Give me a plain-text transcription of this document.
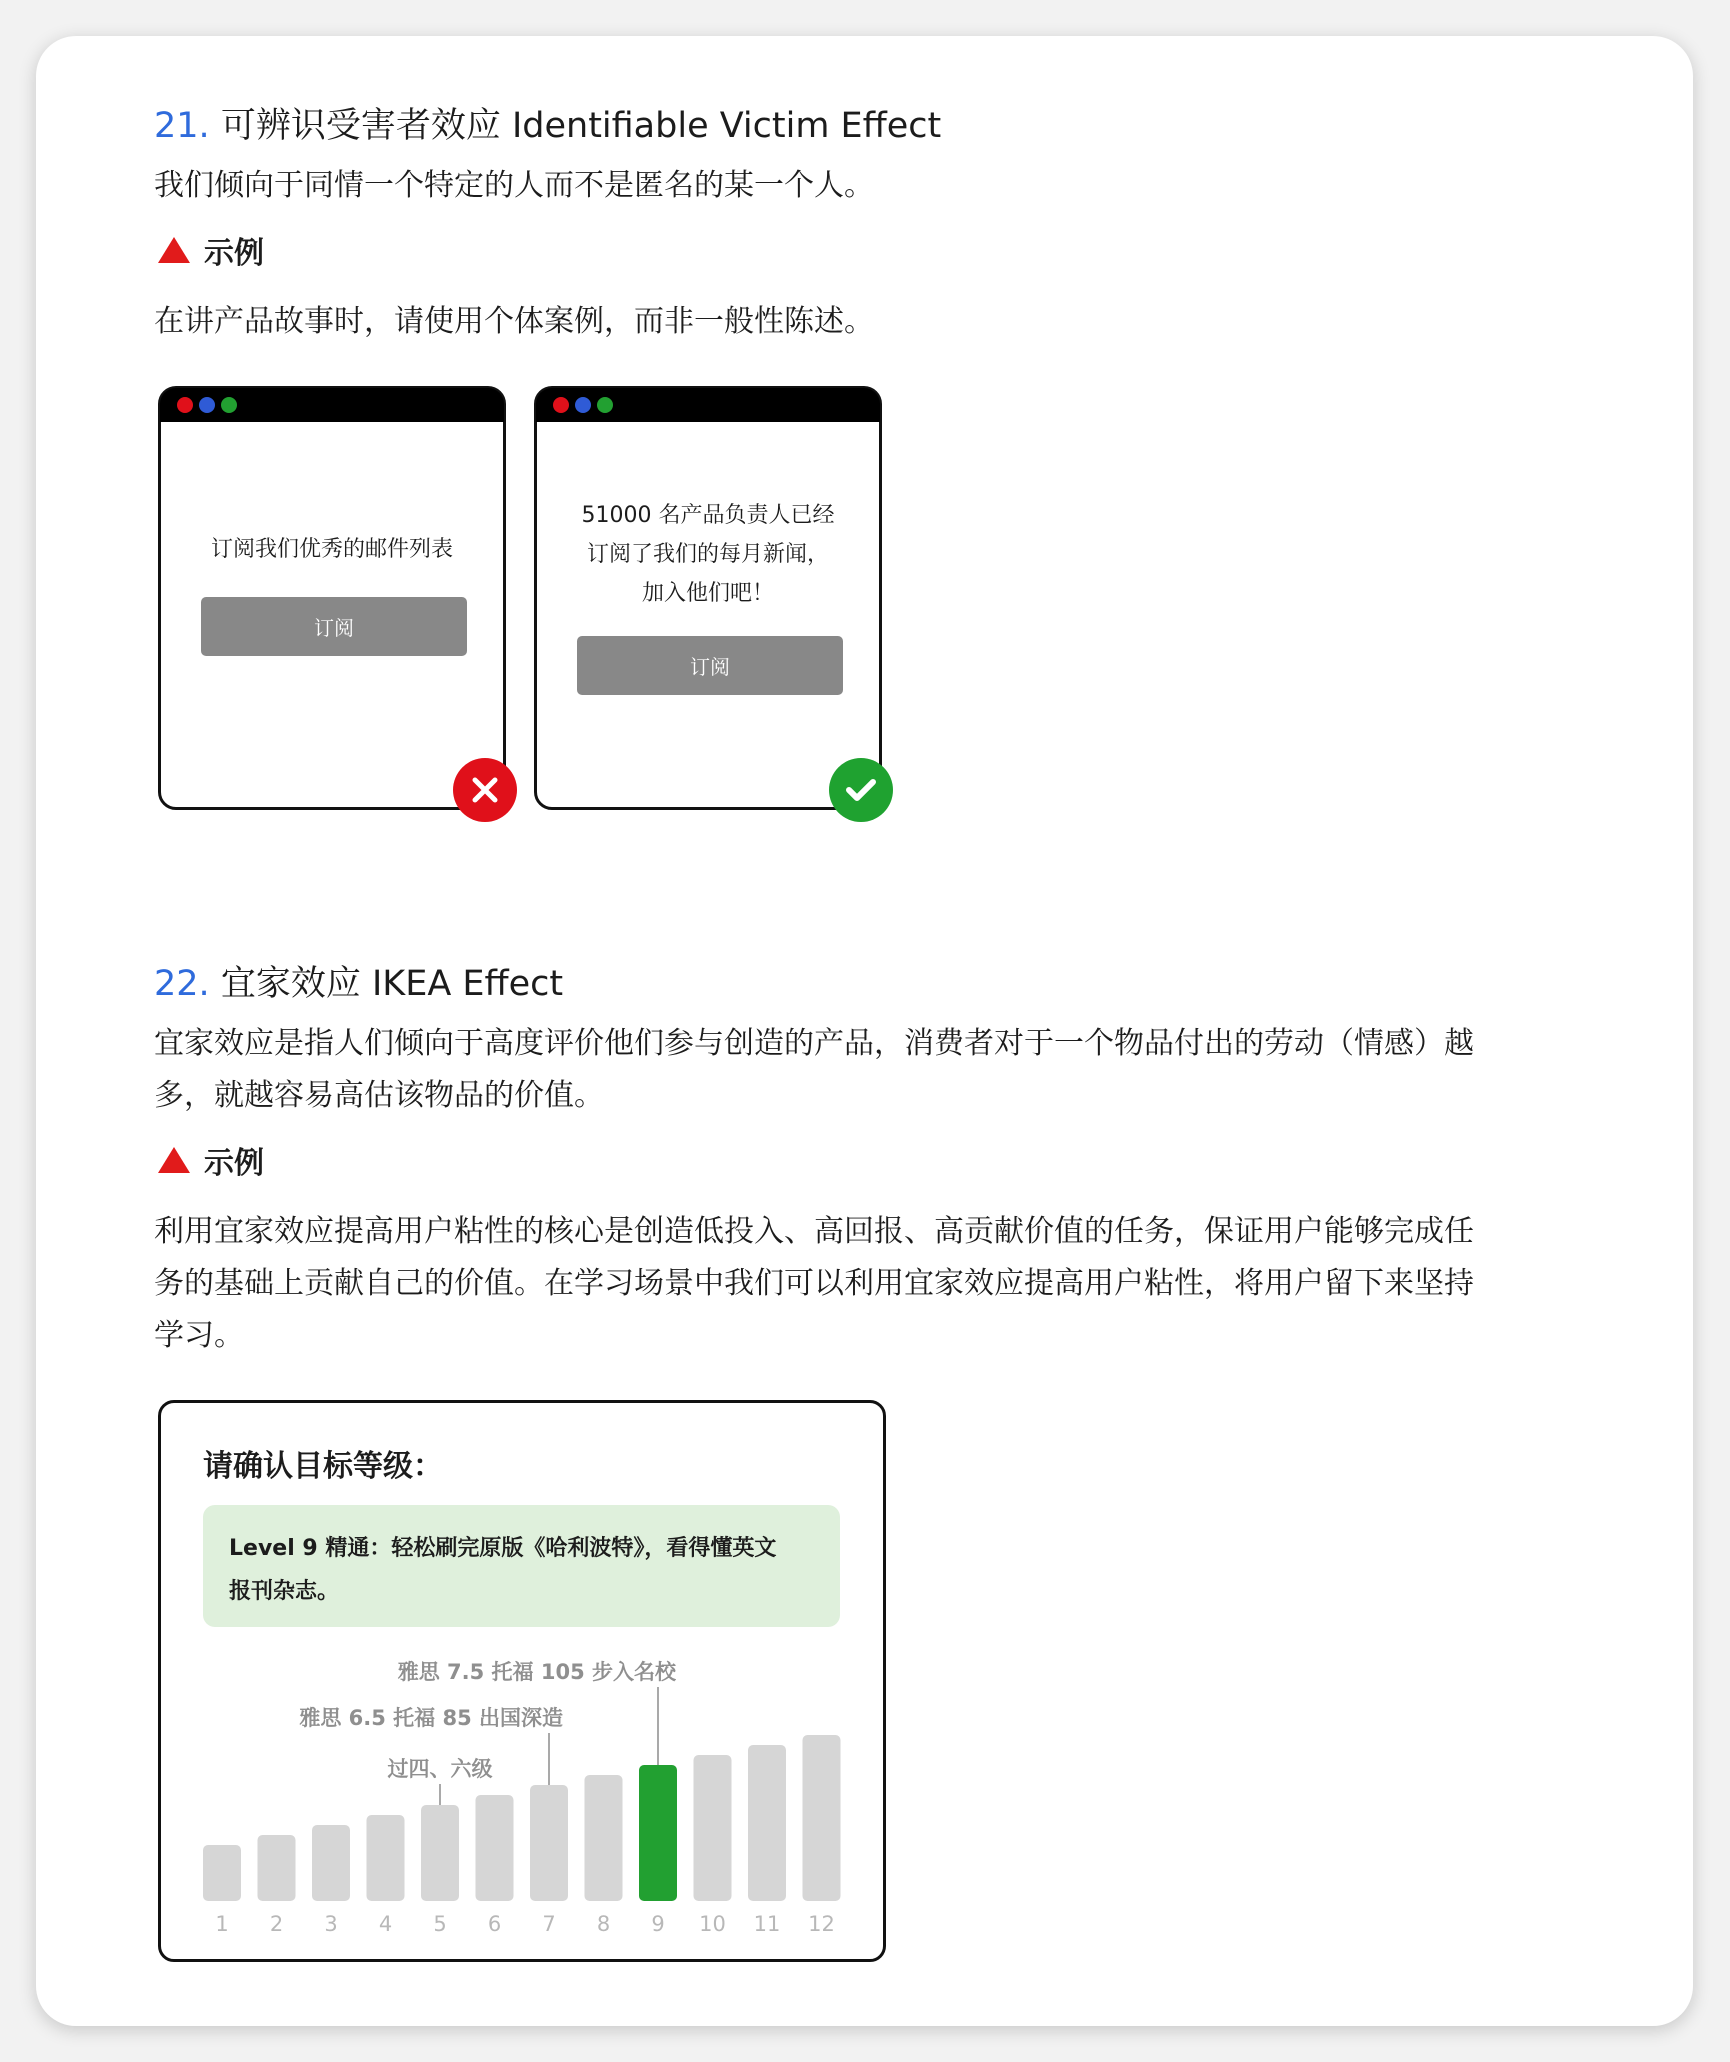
21. 可辨识受害者效应 Identifiable Victim Effect
我们倾向于同情一个特定的人而不是匿名的某一个人。
示例
在讲产品故事时，请使用个体案例，而非一般性陈述。
订阅我们优秀的邮件列表
订阅
51000 名产品负责人已经
订阅了我们的每月新闻，
加入他们吧！
订阅
22. 宜家效应 IKEA Effect
宜家效应是指人们倾向于高度评价他们参与创造的产品，消费者对于一个物品付出的劳动（情感）越
多，就越容易高估该物品的价值。
示例
利用宜家效应提高用户粘性的核心是创造低投入、高回报、高贡献价值的任务，保证用户能够完成任
务的基础上贡献自己的价值。在学习场景中我们可以利用宜家效应提高用户粘性，将用户留下来坚持
学习。
请确认目标等级：
Level 9 精通：轻松刷完原版《哈利波特》，看得懂英文
报刊杂志。
1 2 3 4 5 6 7 8 9 10 11 12
过四、六级
雅思 6.5 托福 85 出国深造
雅思 7.5 托福 105 步入名校
